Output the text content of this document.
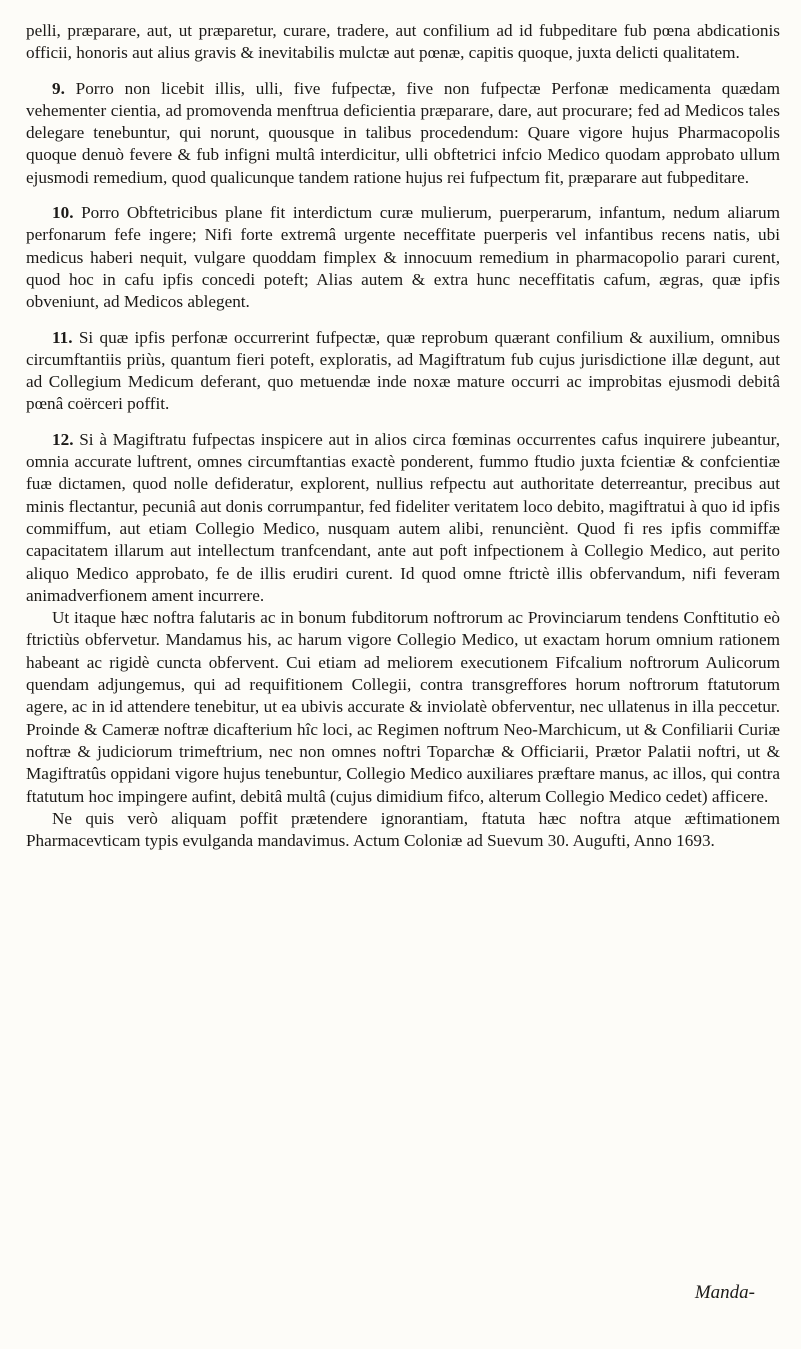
pelli, præparare, aut, ut præparetur, curare, tradere, aut confilium ad id fubpeditare fub pœna abdicationis officii, honoris aut alius gravis & inevitabilis mulctæ aut pœnæ, capitis quoque, juxta delicti qualitatem.

9. Porro non licebit illis, ulli, five fufpectæ, five non fufpectæ Perfonæ medicamenta quædam vehementer cientia, ad promovenda menftrua deficientia præparare, dare, aut procurare; fed ad Medicos tales delegare tenebuntur, qui norunt, quousque in talibus procedendum: Quare vigore hujus Pharmacopolis quoque denuò fevere & fub infigni multâ interdicitur, ulli obftetrici infcio Medico quodam approbato ullum ejusmodi remedium, quod qualicunque tandem ratione hujus rei fufpectum fit, præparare aut fubpeditare.

10. Porro Obftetricibus plane fit interdictum curæ mulierum, puerperarum, infantum, nedum aliarum perfonarum fefe ingere; Nifi forte extremâ urgente neceffitate puerperis vel infantibus recens natis, ubi medicus haberi nequit, vulgare quoddam fimplex & innocuum remedium in pharmacopolio parari curent, quod hoc in cafu ipfis concedi poteft; Alias autem & extra hunc neceffitatis cafum, ægras, quæ ipfis obveniunt, ad Medicos ablegent.

11. Si quæ ipfis perfonæ occurrerint fufpectæ, quæ reprobum quærant confilium & auxilium, omnibus circumftantiis priùs, quantum fieri poteft, exploratis, ad Magiftratum fub cujus jurisdictione illæ degunt, aut ad Collegium Medicum deferant, quo metuendæ inde noxæ mature occurri ac improbitas ejusmodi debitâ pœnâ coërceri poffit.

12. Si à Magiftratu fufpectas inspicere aut in alios circa fœminas occurrentes cafus inquirere jubeantur, omnia accurate luftrent, omnes circumftantias exactè ponderent, fummo ftudio juxta fcientiæ & confcientiæ fuæ dictamen, quod nolle defideratur, explorent, nullius refpectu aut authoritate deterreantur, precibus aut minis flectantur, pecuniâ aut donis corrumpantur, fed fideliter veritatem loco debito, magiftratui à quo id ipfis commiffum, aut etiam Collegio Medico, nusquam autem alibi, renunciènt. Quod fi res ipfis commiffæ capacitatem illarum aut intellectum tranfcendant, ante aut poft infpectionem à Collegio Medico, aut perito aliquo Medico approbato, fe de illis erudiri curent. Id quod omne ftrictè illis obfervandum, nifi feveram animadverfionem ament incurrere.

Ut itaque hæc noftra falutaris ac in bonum fubditorum noftrorum ac Provinciarum tendens Conftitutio eò ftrictiùs obfervetur. Mandamus his, ac harum vigore Collegio Medico, ut exactam horum omnium rationem habeant ac rigidè cuncta obfervent. Cui etiam ad meliorem executionem Fifcalium noftrorum Aulicorum quendam adjungemus, qui ad requifitionem Collegii, contra transgreffores horum noftrorum ftatutorum agere, ac in id attendere tenebitur, ut ea ubivis accurate & inviolatè obferventur, nec ullatenus in illa peccetur. Proinde & Cameræ noftræ dicafterium hîc loci, ac Regimen noftrum Neo-Marchicum, ut & Confiliarii Curiæ noftræ & judiciorum trimeftrium, nec non omnes noftri Toparchæ & Officiarii, Prætor Palatii noftri, ut & Magiftratûs oppidani vigore hujus tenebuntur, Collegio Medico auxiliares præftare manus, ac illos, qui contra ftatutum hoc impingere aufint, debitâ multâ (cujus dimidium fifco, alterum Collegio Medico cedet) afficere.

Ne quis verò aliquam poffit prætendere ignorantiam, ftatuta hæc noftra atque æftimationem Pharmacevticam typis evulganda mandavimus. Actum Coloniæ ad Suevum 30. Augufti, Anno 1693.

Manda-
